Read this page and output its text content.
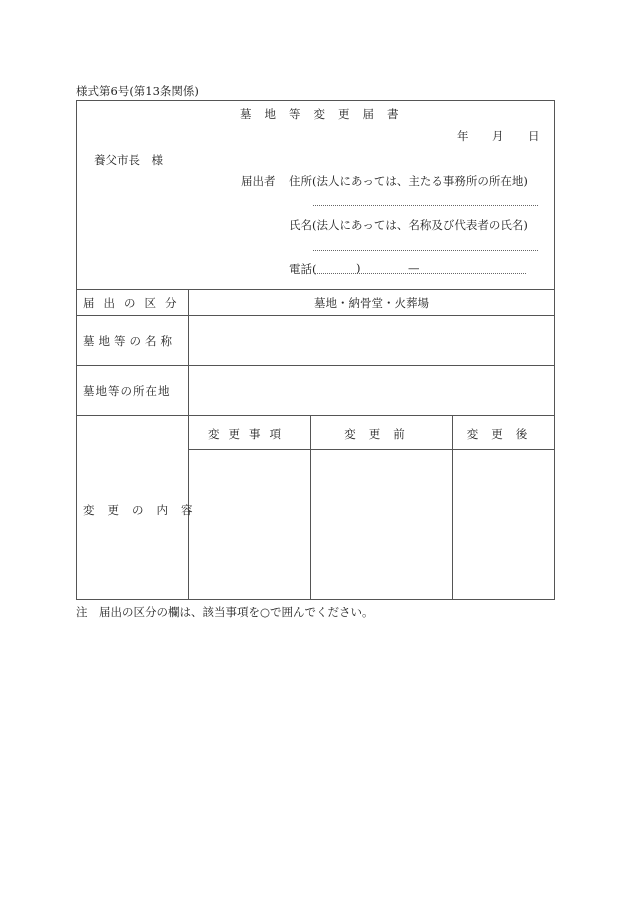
様式第6号(第13条関係)
墓地等変更届書
年 月 日
養父市長　様
届出者 住所(法人にあっては、主たる事務所の所在地)
氏名(法人にあっては、名称及び代表者の氏名)
電話(	)	—
届出の区分	墓地・納骨堂・火葬場
墓地等の名称
墓地等の所在地
変更の内容
変更事項	変更前	変更後
注　届出の区分の欄は、該当事項を○で囲んでください。
